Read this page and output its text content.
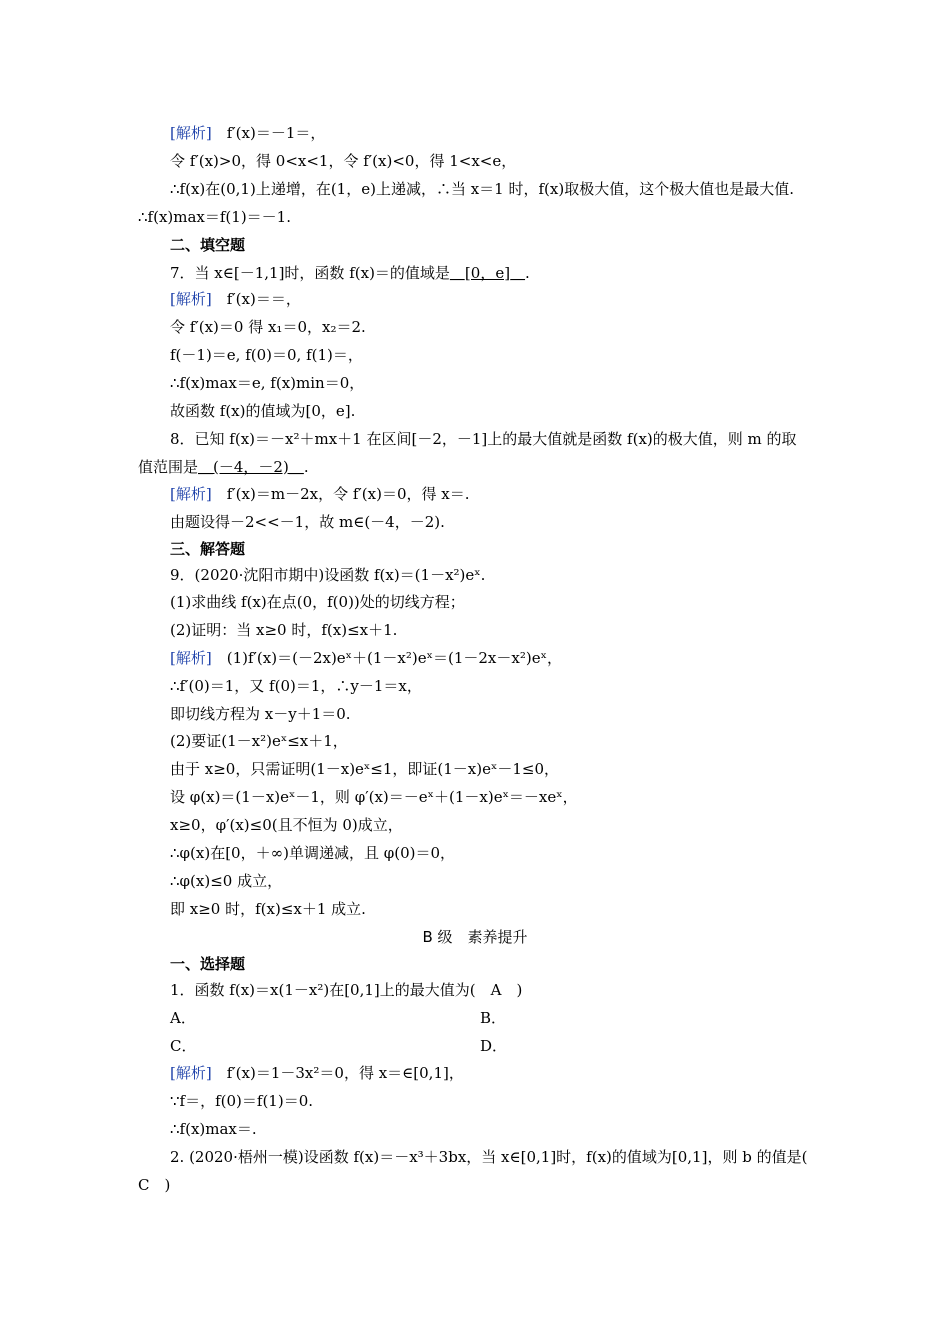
[解析]　f′(x)＝－1＝，
令 f′(x)>0，得 0<x<1，令 f′(x)<0，得 1<x<e，
∴f(x)在(0,1)上递增，在(1，e)上递减，∴当 x＝1 时，f(x)取极大值，这个极大值也是最大值.
∴f(x)max＝f(1)＝－1.
二、填空题
7．当 x∈[－1,1]时，函数 f(x)＝的值域是＿[0，e]＿.
[解析]　f′(x)＝＝，
令 f′(x)＝0 得 x₁＝0，x₂＝2.
f(－1)＝e, f(0)＝0, f(1)＝，
∴f(x)max＝e, f(x)min＝0，
故函数 f(x)的值域为[0，e].
8．已知 f(x)＝－x²＋mx＋1 在区间[－2，－1]上的最大值就是函数 f(x)的极大值，则 m 的取
值范围是＿(－4，－2)＿.
[解析]　f′(x)＝m－2x，令 f′(x)＝0，得 x＝.
由题设得－2<<－1，故 m∈(－4，－2).
三、解答题
9．(2020·沈阳市期中)设函数 f(x)＝(1－x²)eˣ.
(1)求曲线 f(x)在点(0，f(0))处的切线方程；
(2)证明：当 x≥0 时，f(x)≤x＋1.
[解析]　(1)f′(x)＝(－2x)eˣ＋(1－x²)eˣ＝(1－2x－x²)eˣ，
∴f′(0)＝1，又 f(0)＝1，∴y－1＝x，
即切线方程为 x－y＋1＝0.
(2)要证(1－x²)eˣ≤x＋1，
由于 x≥0，只需证明(1－x)eˣ≤1，即证(1－x)eˣ－1≤0，
设 φ(x)＝(1－x)eˣ－1，则 φ′(x)＝－eˣ＋(1－x)eˣ＝－xeˣ，
x≥0，φ′(x)≤0(且不恒为 0)成立，
∴φ(x)在[0，＋∞)单调递减，且 φ(0)＝0，
∴φ(x)≤0 成立，
即 x≥0 时，f(x)≤x＋1 成立.
B 级　素养提升
一、选择题
1．函数 f(x)＝x(1－x²)在[0,1]上的最大值为(　A　)
A．	B．
C．	D．
[解析]　f′(x)＝1－3x²＝0，得 x＝∈[0,1]，
∵f＝，f(0)＝f(1)＝0.
∴f(x)max＝.
2. (2020·梧州一模)设函数 f(x)＝－x³＋3bx，当 x∈[0,1]时，f(x)的值域为[0,1]，则 b 的值是(
C　)
